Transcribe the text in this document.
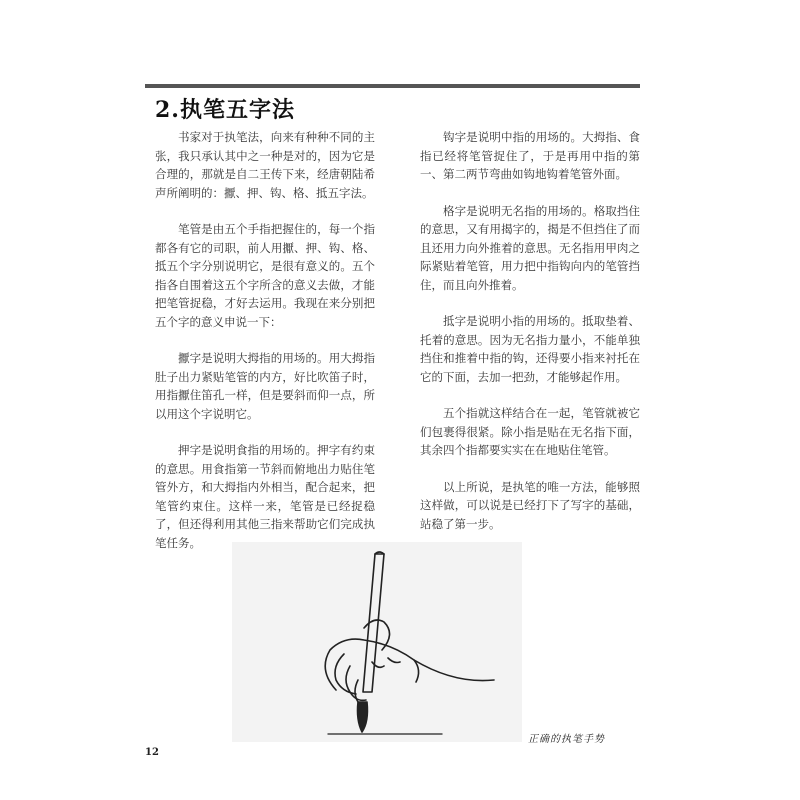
2.执笔五字法

书家对于执笔法，向来有种种不同的主张，我只承认其中之一种是对的，因为它是合理的，那就是自二王传下来，经唐朝陆希声所阐明的：擫、押、钩、格、抵五字法。

笔管是由五个手指把握住的，每一个指都各有它的司职，前人用擫、押、钩、格、抵五个字分别说明它，是很有意义的。五个指各自围着这五个字所含的意义去做，才能把笔管捉稳，才好去运用。我现在来分别把五个字的意义申说一下：

擫字是说明大拇指的用场的。用大拇指肚子出力紧贴笔管的内方，好比吹笛子时，用指擫住笛孔一样，但是要斜而仰一点，所以用这个字说明它。

押字是说明食指的用场的。押字有约束的意思。用食指第一节斜而俯地出力贴住笔管外方，和大拇指内外相当，配合起来，把笔管约束住。这样一来，笔管是已经捉稳了，但还得利用其他三指来帮助它们完成执笔任务。

钩字是说明中指的用场的。大拇指、食指已经将笔管捉住了，于是再用中指的第一、第二两节弯曲如钩地钩着笔管外面。

格字是说明无名指的用场的。格取挡住的意思，又有用揭字的，揭是不但挡住了而且还用力向外推着的意思。无名指用甲肉之际紧贴着笔管，用力把中指钩向内的笔管挡住，而且向外推着。

抵字是说明小指的用场的。抵取垫着、托着的意思。因为无名指力量小，不能单独挡住和推着中指的钩，还得要小指来衬托在它的下面，去加一把劲，才能够起作用。

五个指就这样结合在一起，笔管就被它们包裹得很紧。除小指是贴在无名指下面，其余四个指都要实实在在地贴住笔管。

以上所说，是执笔的唯一方法，能够照这样做，可以说是已经打下了写字的基础，站稳了第一步。

正确的执笔手势
12
